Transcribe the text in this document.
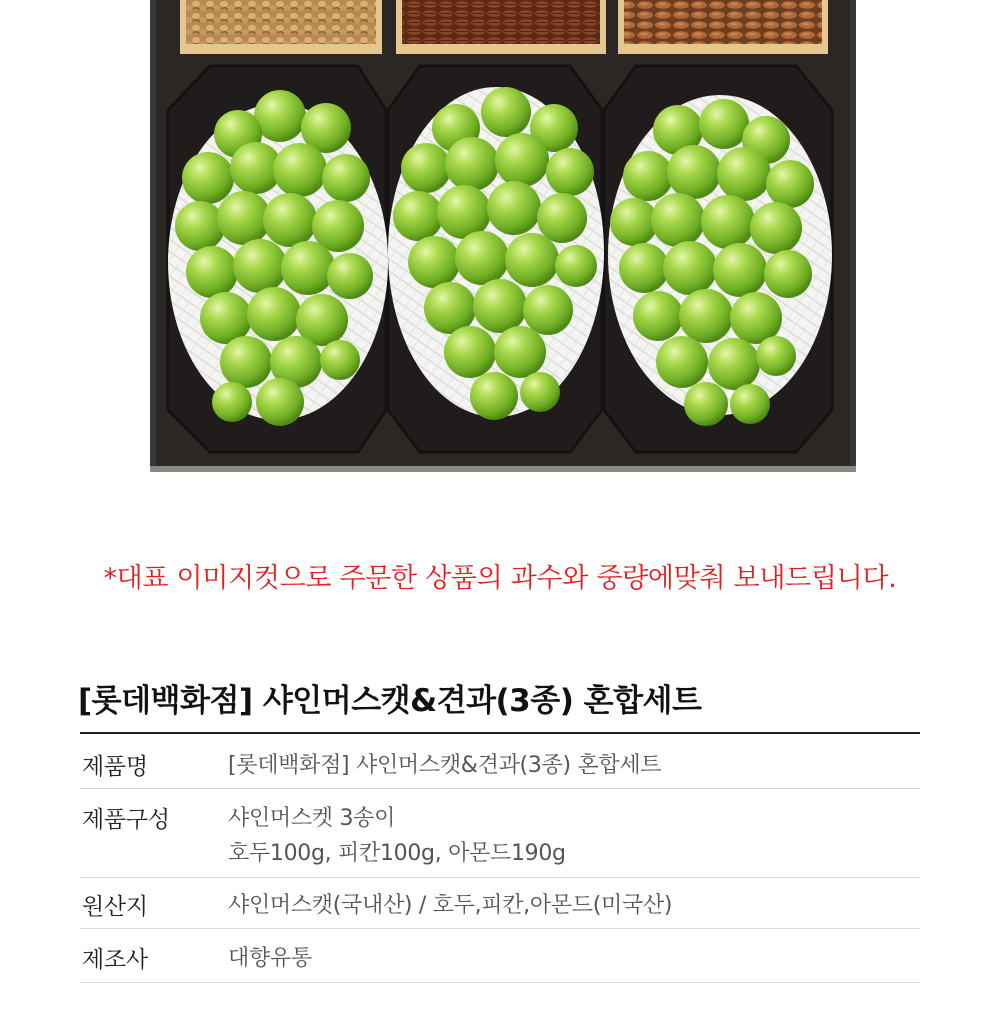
*대표 이미지컷으로 주문한 상품의 과수와 중량에맞춰 보내드립니다.
[롯데백화점] 샤인머스캣&견과(3종) 혼합세트
제품명	[롯데백화점] 샤인머스캣&견과(3종) 혼합세트
제품구성	샤인머스켓 3송이
호두100g, 피칸100g, 아몬드190g
원산지	샤인머스캣(국내산) / 호두,피칸,아몬드(미국산)
제조사	대향유통
